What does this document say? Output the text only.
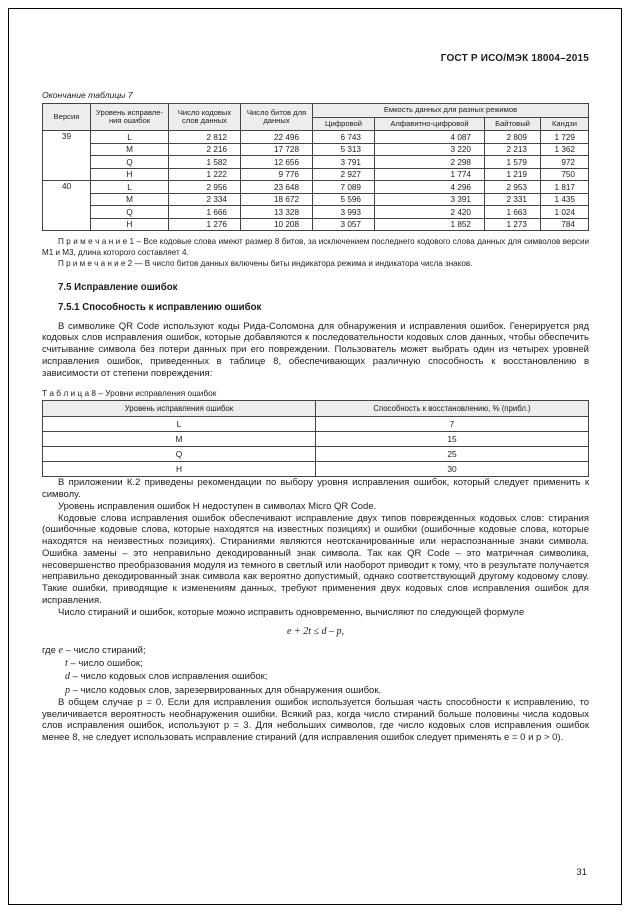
ГОСТ Р ИСО/МЭК 18004–2015
Окончание таблицы 7
Версия	Уровень исправления ошибок	Число кодовых слов данных	Число битов для данных	Емкость данных для разных режимов			
				Цифровой	Алфавитно-цифровой	Байтовый	Кандзи
39	L	2 812	22 496	6 743	4 087	2 809	1 729
	M	2 216	17 728	5 313	3 220	2 213	1 362
	Q	1 582	12 656	3 791	2 298	1 579	972
	H	1 222	9 776	2 927	1 774	1 219	750
40	L	2 956	23 648	7 089	4 296	2 953	1 817
	M	2 334	18 672	5 596	3 391	2 331	1 435
	Q	1 666	13 328	3 993	2 420	1 663	1 024
	H	1 276	10 208	3 057	1 852	1 273	784

П р и м е ч а н и е 1 – Все кодовые слова имеют размер 8 битов, за исключением последнего кодового слова данных для символов версии M1 и M3, длина которого составляет 4.

П р и м е ч а н и е 2 — В число битов данных включены биты индикатора режима и индикатора числа знаков.

7.5 Исправление ошибок
7.5.1 Способность к исправлению ошибок

В символике QR Code используют коды Рида-Соломона для обнаружения и исправления ошибок. Генерируется ряд кодовых слов исправления ошибок, которые добавляются к последовательности кодовых слов данных, чтобы обеспечить считывание символа без потери данных при его повреждении. Пользователь может выбрать один из четырех уровней исправления ошибок, приведенных в таблице 8, обеспечивающих различную способность к восстановлению в зависимости от степени повреждения:

Т а б л и ц а 8 – Уровни исправления ошибок
Уровень исправления ошибок	Способность к восстановлению, % (прибл.)
L	7
M	15
Q	25
H	30

В приложении К.2 приведены рекомендации по выбору уровня исправления ошибок, который следует применить к символу.

Уровень исправления ошибок Н недоступен в символах Micro QR Code.

Кодовые слова исправления ошибок обеспечивают исправление двух типов поврежденных кодовых слов: стирания (ошибочные кодовые слова, которые находятся на известных позициях) и ошибки (ошибочные кодовые слова, которые находятся на неизвестных позициях). Стираниями являются неотсканированные или нераспознанные знаки символа. Ошибка замены – это неправильно декодированный знак символа. Так как QR Code – это матричная символика, несовершенство преобразования модуля из темного в светлый или наоборот приводит к тому, что в результате получается неправильно декодированный знак символа как вероятно допустимый, однако соответствующий другому кодовому слову. Такие ошибки, приводящие к изменениям данных, требуют применения двух кодовых слов исправления ошибок для исправления.

Число стираний и ошибок, которые можно исправить одновременно, вычисляют по следующей формуле

e + 2t ≤ d – p,
где e – число стираний;
t – число ошибок;
d – число кодовых слов исправления ошибок;
p – число кодовых слов, зарезервированных для обнаружения ошибок.

В общем случае p = 0. Если для исправления ошибок используется большая часть способности к исправлению, то увеличивается вероятность необнаружения ошибки. Всякий раз, когда число стираний больше половины числа кодовых слов исправления ошибок, используют p = 3. Для небольших символов, где число кодовых слов исправления ошибок менее 8, не следует использовать исправление стираний (для исправления ошибок следует применять e = 0 и p > 0).

31
